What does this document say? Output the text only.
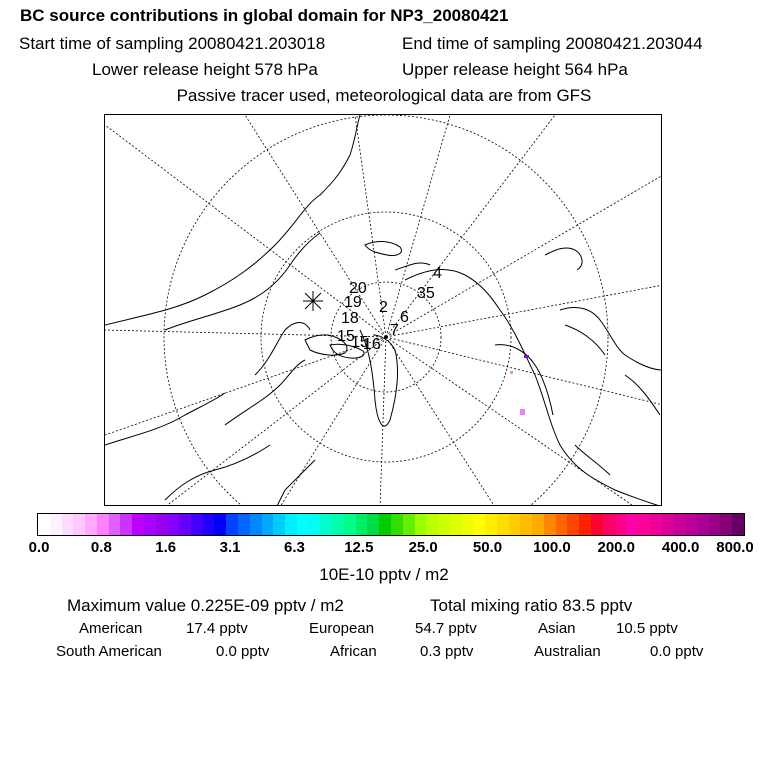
BC source contributions in global domain for NP3_20080421
Start time of sampling 20080421.203018	End time of sampling 20080421.203044
Lower release height 578 hPa	Upper release height 564 hPa
Passive tracer used, meteorological data are from GFS
20
19
18
2
6
7
4
35
16
15
15
0.0	0.8	1.6	3.1	6.3	12.5 25.0 50.0 100.0 200.0 400.0 800.0
10E-10 pptv / m2
Maximum value 0.225E-09 pptv / m2	Total mixing ratio 83.5 pptv
American	17.4 pptv	European	54.7 pptv	Asian	10.5 pptv
South American	0.0 pptv	African	0.3 pptv	Australian	0.0 pptv
